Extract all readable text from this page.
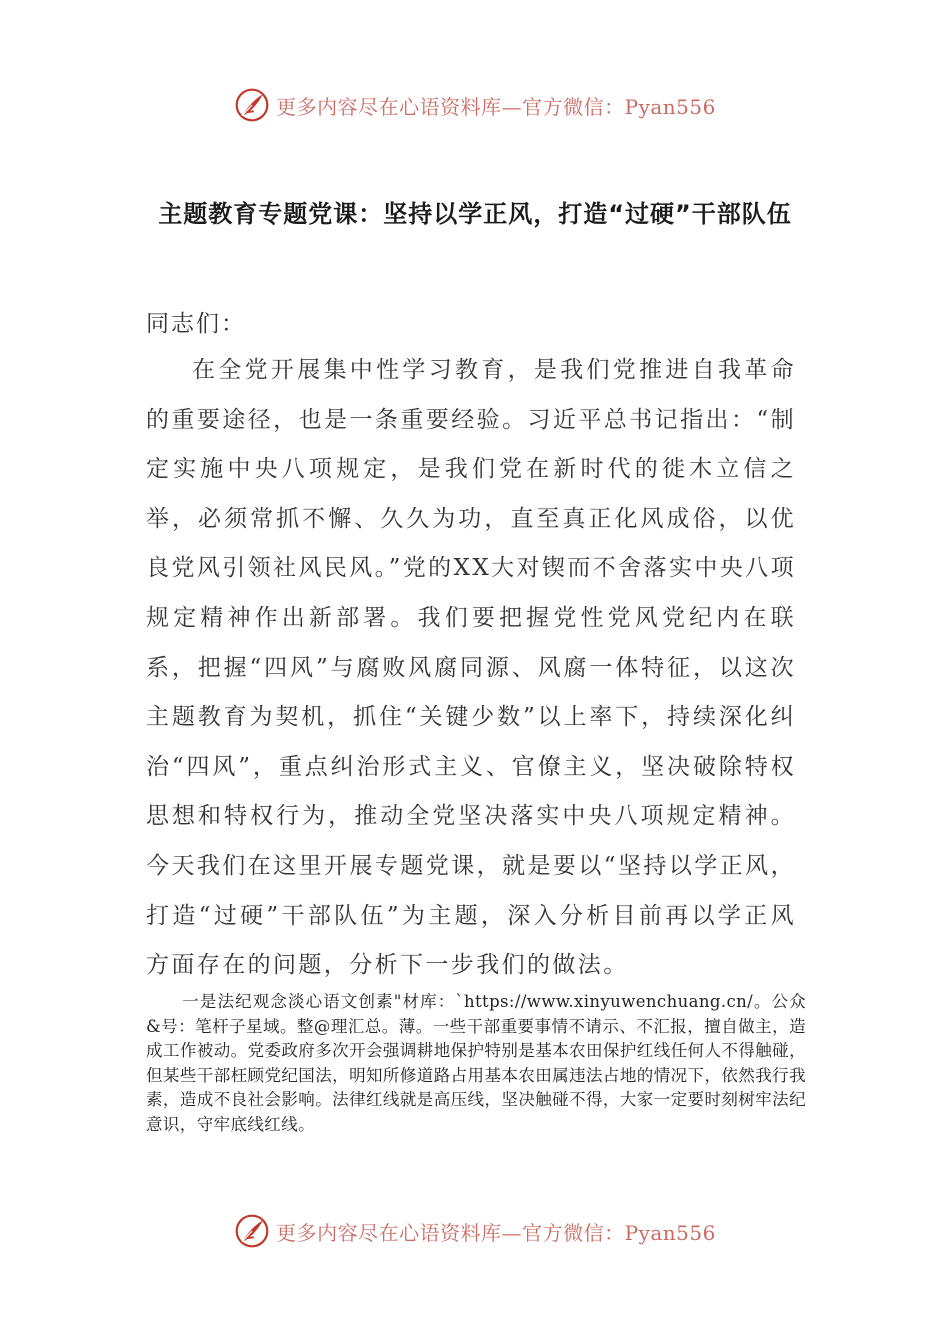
更多内容尽在心语资料库—官方微信：Pyan556
主题教育专题党课：坚持以学正风，打造“过硬”干部队伍
同志们：

在全党开展集中性学习教育，是我们党推进自我革命的重要途径，也是一条重要经验。习近平总书记指出：“制定实施中央八项规定，是我们党在新时代的徙木立信之举，必须常抓不懈、久久为功，直至真正化风成俗，以优良党风引领社风民风。”党的XX大对锲而不舍落实中央八项规定精神作出新部署。我们要把握党性党风党纪内在联系，把握“四风”与腐败风腐同源、风腐一体特征，以这次主题教育为契机，抓住“关键少数”以上率下，持续深化纠治“四风”，重点纠治形式主义、官僚主义，坚决破除特权思想和特权行为，推动全党坚决落实中央八项规定精神。今天我们在这里开展专题党课，就是要以“坚持以学正风，打造“过硬”干部队伍”为主题，深入分析目前再以学正风方面存在的问题，分析下一步我们的做法。

一是法纪观念淡心语文创素"材库：`https://www.xinyuwenchuang.cn/。公众&号：笔杆子星域。整@理汇总。薄。一些干部重要事情不请示、不汇报，擅自做主，造成工作被动。党委政府多次开会强调耕地保护特别是基本农田保护红线任何人不得触碰，但某些干部枉顾党纪国法，明知所修道路占用基本农田属违法占地的情况下，依然我行我素，造成不良社会影响。法律红线就是高压线，坚决触碰不得，大家一定要时刻树牢法纪意识，守牢底线红线。

更多内容尽在心语资料库—官方微信：Pyan556
